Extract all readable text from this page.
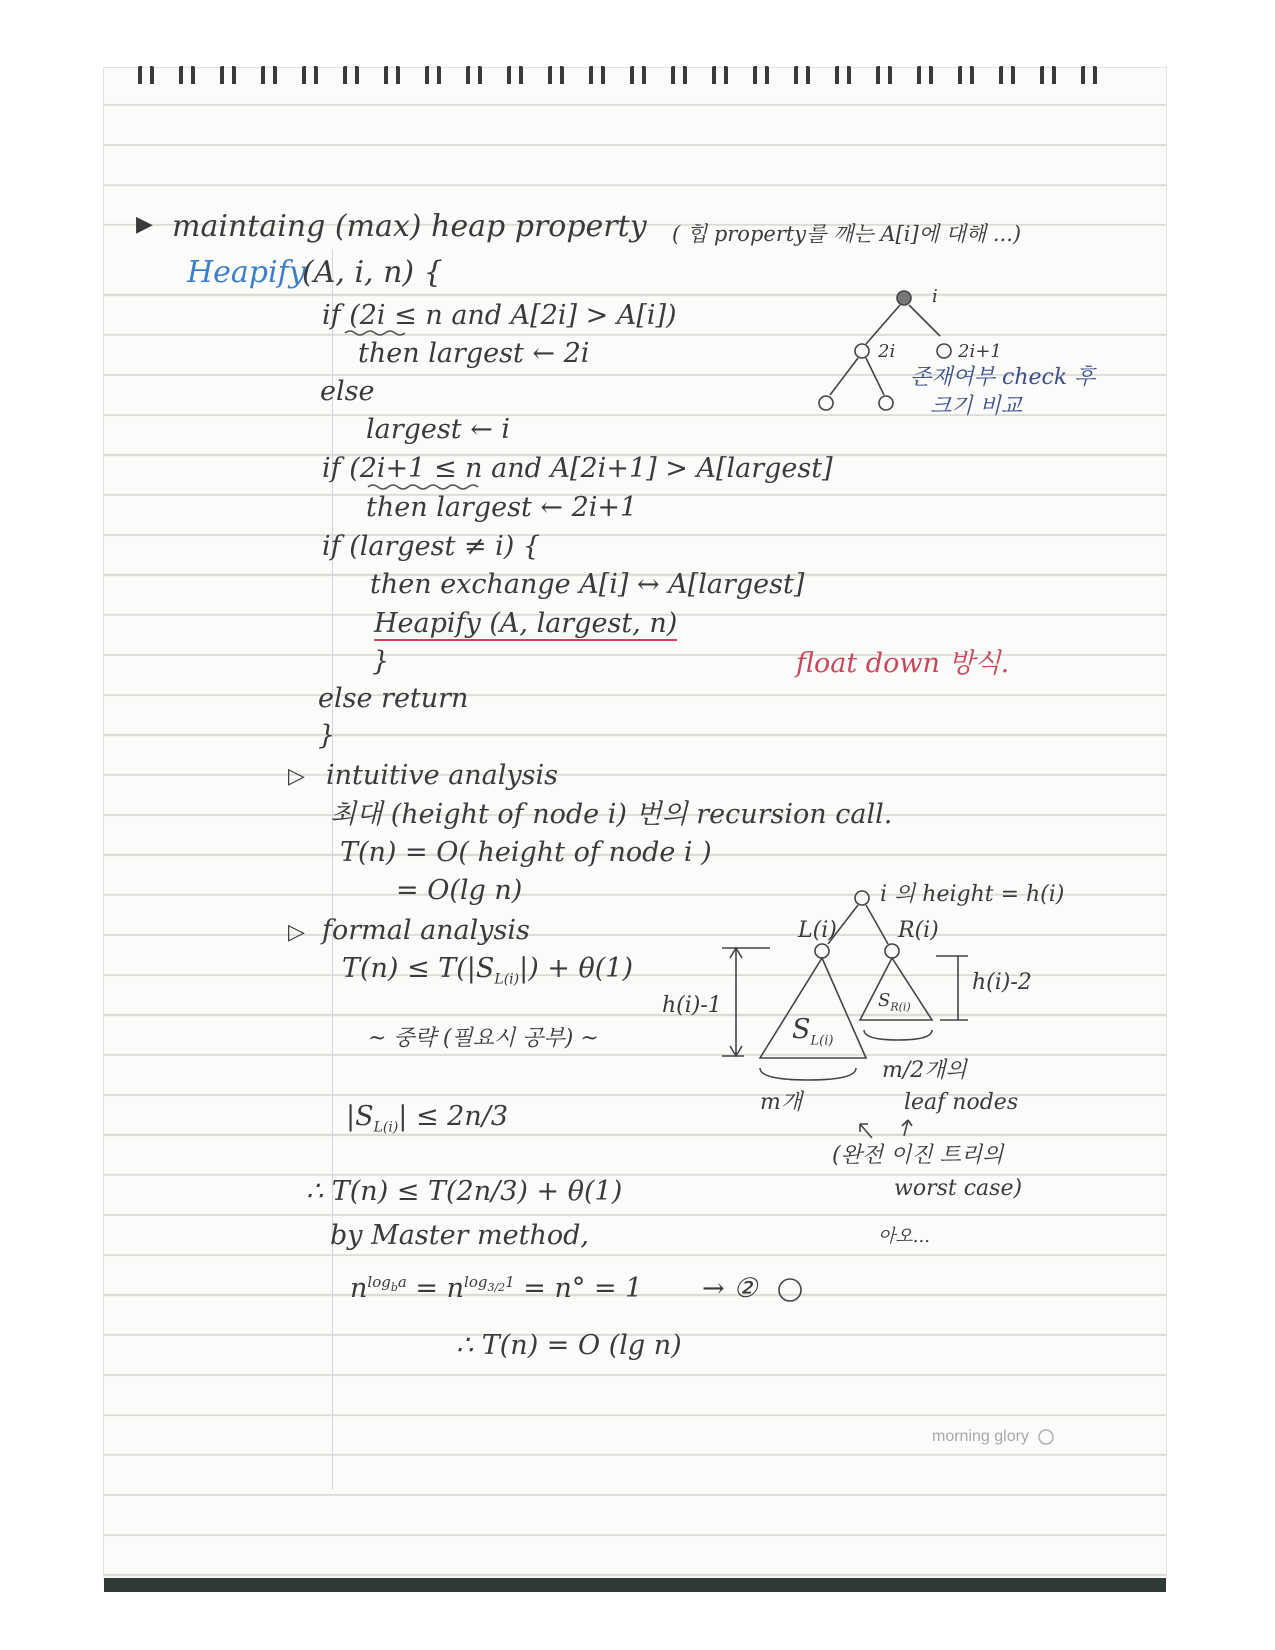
▶ maintaing (max) heap property ( 힙 property를 깨는 A[i]에 대해 ...)
Heapify
(A, i, n) {
if (2i ≤ n and A[2i] > A[i])
then largest ← 2i
else
largest ← i
if (2i+1 ≤ n and A[2i+1] > A[largest]
then largest ← 2i+1
if (largest ≠ i) {
then exchange A[i] ↔ A[largest]
Heapify (A, largest, n)
}
else return
}
float down 방식.
i
2i	2i+1
존재여부 check 후
크기 비교
▷ intuitive analysis
최대 (height of node i) 번의 recursion call.
T(n) = O( height of node i )
= O(lg n)
▷ formal analysis
$T(n) \le T(|S_{L(i)}|) + \theta(1)$
~ 중략 (필요시 공부) ~
$|S_{L(i)}| \le 2n/3$
∴ T(n) ≤ T(2n/3) + θ(1)
by Master method,
$n^{log_ba} = n^{log_{3/2}1} = n^\circ = 1$ → ②
∴ T(n) = O (lg n)
i 의 height = h(i)
L(i)	R(i)
h(i)-1
h(i)-2
$S_{L(i)}$
$S_{R(i)}$
m개
m/2개의
leaf nodes
(완전 이진 트리의
worst case)
아오...
morning glory
